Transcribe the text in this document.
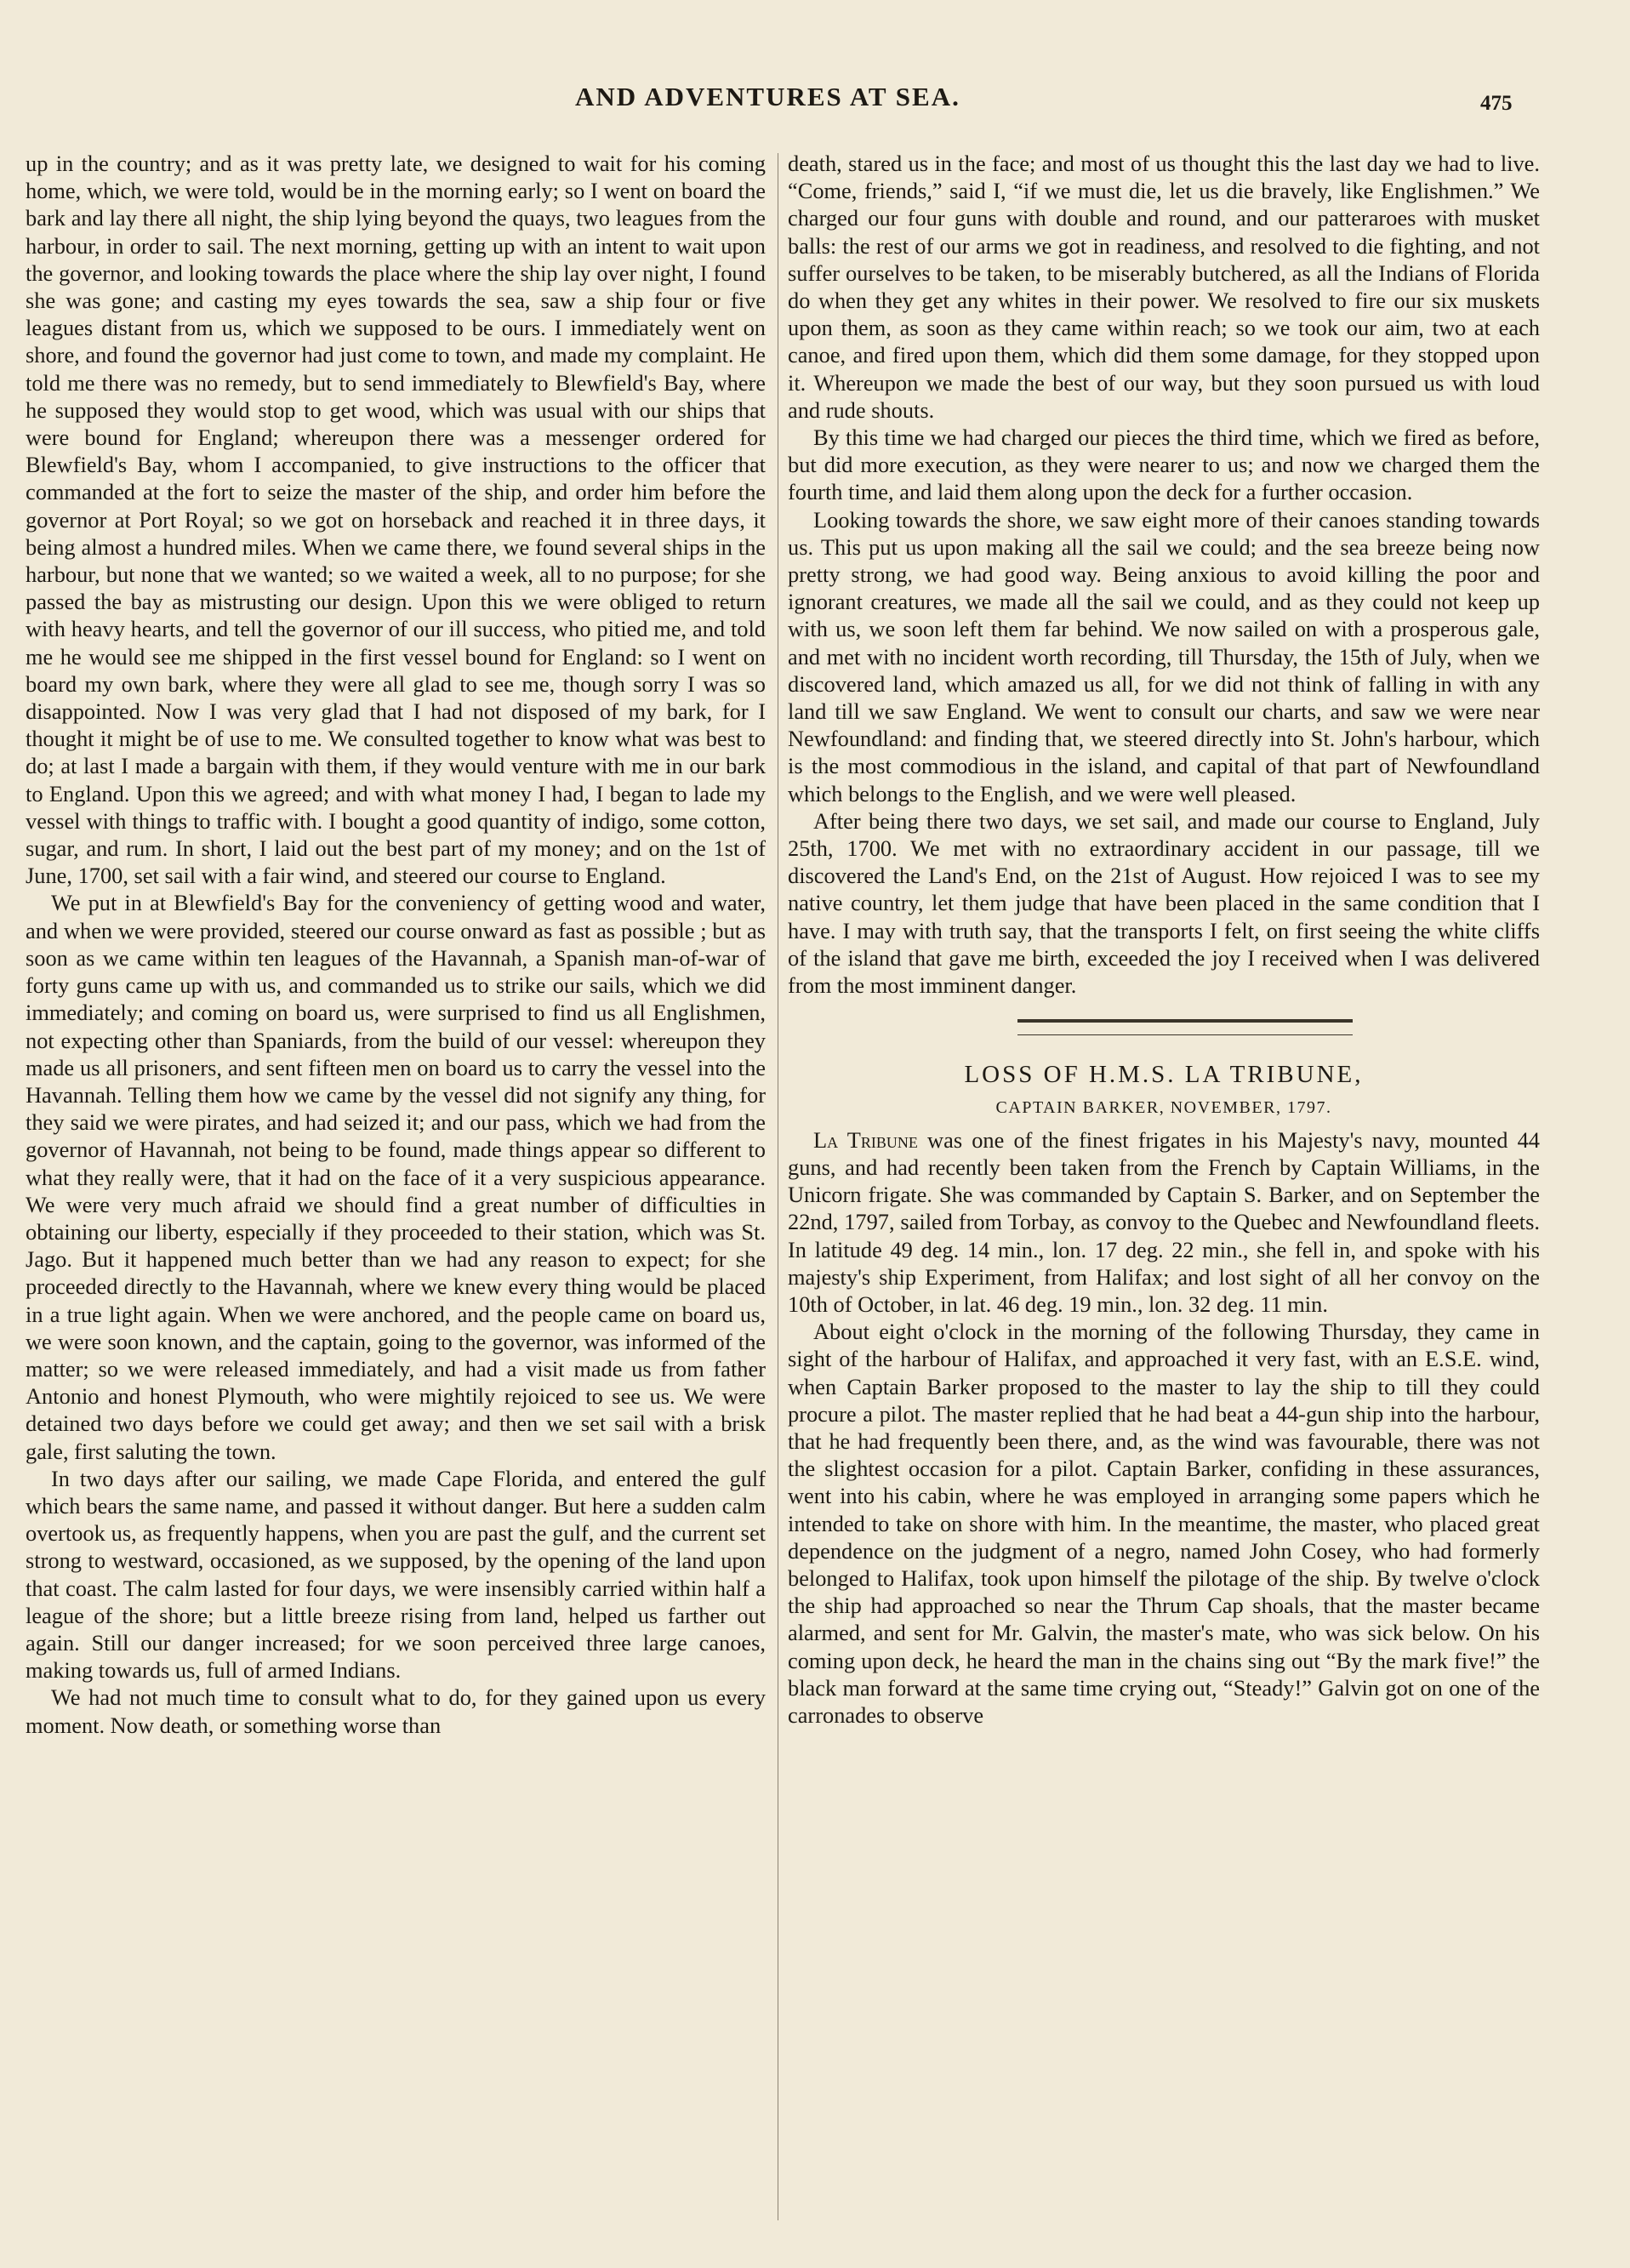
AND ADVENTURES AT SEA.	475

up in the country; and as it was pretty late, we designed to wait for his coming home, which, we were told, would be in the morning early; so I went on board the bark and lay there all night, the ship lying beyond the quays, two leagues from the harbour, in order to sail. The next morning, getting up with an intent to wait upon the governor, and looking towards the place where the ship lay over night, I found she was gone; and casting my eyes towards the sea, saw a ship four or five leagues distant from us, which we supposed to be ours. I immediately went on shore, and found the governor had just come to town, and made my complaint. He told me there was no remedy, but to send immediately to Blewfield's Bay, where he supposed they would stop to get wood, which was usual with our ships that were bound for England; whereupon there was a messenger ordered for Blewfield's Bay, whom I accompanied, to give instructions to the officer that commanded at the fort to seize the master of the ship, and order him before the governor at Port Royal; so we got on horseback and reached it in three days, it being almost a hundred miles. When we came there, we found several ships in the harbour, but none that we wanted; so we waited a week, all to no purpose; for she passed the bay as mistrusting our design. Upon this we were obliged to return with heavy hearts, and tell the governor of our ill success, who pitied me, and told me he would see me shipped in the first vessel bound for England: so I went on board my own bark, where they were all glad to see me, though sorry I was so disappointed. Now I was very glad that I had not disposed of my bark, for I thought it might be of use to me. We consulted together to know what was best to do; at last I made a bargain with them, if they would venture with me in our bark to England. Upon this we agreed; and with what money I had, I began to lade my vessel with things to traffic with. I bought a good quantity of indigo, some cotton, sugar, and rum. In short, I laid out the best part of my money; and on the 1st of June, 1700, set sail with a fair wind, and steered our course to England.

We put in at Blewfield's Bay for the conveniency of getting wood and water, and when we were provided, steered our course onward as fast as possible ; but as soon as we came within ten leagues of the Havannah, a Spanish man-of-war of forty guns came up with us, and commanded us to strike our sails, which we did immediately; and coming on board us, were surprised to find us all Englishmen, not expecting other than Spaniards, from the build of our vessel: whereupon they made us all prisoners, and sent fifteen men on board us to carry the vessel into the Havannah. Telling them how we came by the vessel did not signify any thing, for they said we were pirates, and had seized it; and our pass, which we had from the governor of Havannah, not being to be found, made things appear so different to what they really were, that it had on the face of it a very suspicious appearance. We were very much afraid we should find a great number of difficulties in obtaining our liberty, especially if they proceeded to their station, which was St. Jago. But it happened much better than we had any reason to expect; for she proceeded directly to the Havannah, where we knew every thing would be placed in a true light again. When we were anchored, and the people came on board us, we were soon known, and the captain, going to the governor, was informed of the matter; so we were released immediately, and had a visit made us from father Antonio and honest Plymouth, who were mightily rejoiced to see us. We were detained two days before we could get away; and then we set sail with a brisk gale, first saluting the town.

In two days after our sailing, we made Cape Florida, and entered the gulf which bears the same name, and passed it without danger. But here a sudden calm overtook us, as frequently happens, when you are past the gulf, and the current set strong to westward, occasioned, as we supposed, by the opening of the land upon that coast. The calm lasted for four days, we were insensibly carried within half a league of the shore; but a little breeze rising from land, helped us farther out again. Still our danger increased; for we soon perceived three large canoes, making towards us, full of armed Indians.

We had not much time to consult what to do, for they gained upon us every moment. Now death, or something worse than

death, stared us in the face; and most of us thought this the last day we had to live. “Come, friends,” said I, “if we must die, let us die bravely, like Englishmen.” We charged our four guns with double and round, and our patteraroes with musket balls: the rest of our arms we got in readiness, and resolved to die fighting, and not suffer ourselves to be taken, to be miserably butchered, as all the Indians of Florida do when they get any whites in their power. We resolved to fire our six muskets upon them, as soon as they came within reach; so we took our aim, two at each canoe, and fired upon them, which did them some damage, for they stopped upon it. Whereupon we made the best of our way, but they soon pursued us with loud and rude shouts.

By this time we had charged our pieces the third time, which we fired as before, but did more execution, as they were nearer to us; and now we charged them the fourth time, and laid them along upon the deck for a further occasion.

Looking towards the shore, we saw eight more of their canoes standing towards us. This put us upon making all the sail we could; and the sea breeze being now pretty strong, we had good way. Being anxious to avoid killing the poor and ignorant creatures, we made all the sail we could, and as they could not keep up with us, we soon left them far behind. We now sailed on with a prosperous gale, and met with no incident worth recording, till Thursday, the 15th of July, when we discovered land, which amazed us all, for we did not think of falling in with any land till we saw England. We went to consult our charts, and saw we were near Newfoundland: and finding that, we steered directly into St. John's harbour, which is the most commodious in the island, and capital of that part of Newfoundland which belongs to the English, and we were well pleased.

After being there two days, we set sail, and made our course to England, July 25th, 1700. We met with no extraordinary accident in our passage, till we discovered the Land's End, on the 21st of August. How rejoiced I was to see my native country, let them judge that have been placed in the same condition that I have. I may with truth say, that the transports I felt, on first seeing the white cliffs of the island that gave me birth, exceeded the joy I received when I was delivered from the most imminent danger.

LOSS OF H.M.S. LA TRIBUNE,
CAPTAIN BARKER, NOVEMBER, 1797.

La Tribune was one of the finest frigates in his Majesty's navy, mounted 44 guns, and had recently been taken from the French by Captain Williams, in the Unicorn frigate. She was commanded by Captain S. Barker, and on September the 22nd, 1797, sailed from Torbay, as convoy to the Quebec and Newfoundland fleets. In latitude 49 deg. 14 min., lon. 17 deg. 22 min., she fell in, and spoke with his majesty's ship Experiment, from Halifax; and lost sight of all her convoy on the 10th of October, in lat. 46 deg. 19 min., lon. 32 deg. 11 min.

About eight o'clock in the morning of the following Thursday, they came in sight of the harbour of Halifax, and approached it very fast, with an E.S.E. wind, when Captain Barker proposed to the master to lay the ship to till they could procure a pilot. The master replied that he had beat a 44-gun ship into the harbour, that he had frequently been there, and, as the wind was favourable, there was not the slightest occasion for a pilot. Captain Barker, confiding in these assurances, went into his cabin, where he was employed in arranging some papers which he intended to take on shore with him. In the meantime, the master, who placed great dependence on the judgment of a negro, named John Cosey, who had formerly belonged to Halifax, took upon himself the pilotage of the ship. By twelve o'clock the ship had approached so near the Thrum Cap shoals, that the master became alarmed, and sent for Mr. Galvin, the master's mate, who was sick below. On his coming upon deck, he heard the man in the chains sing out “By the mark five!” the black man forward at the same time crying out, “Steady!” Galvin got on one of the carronades to observe
